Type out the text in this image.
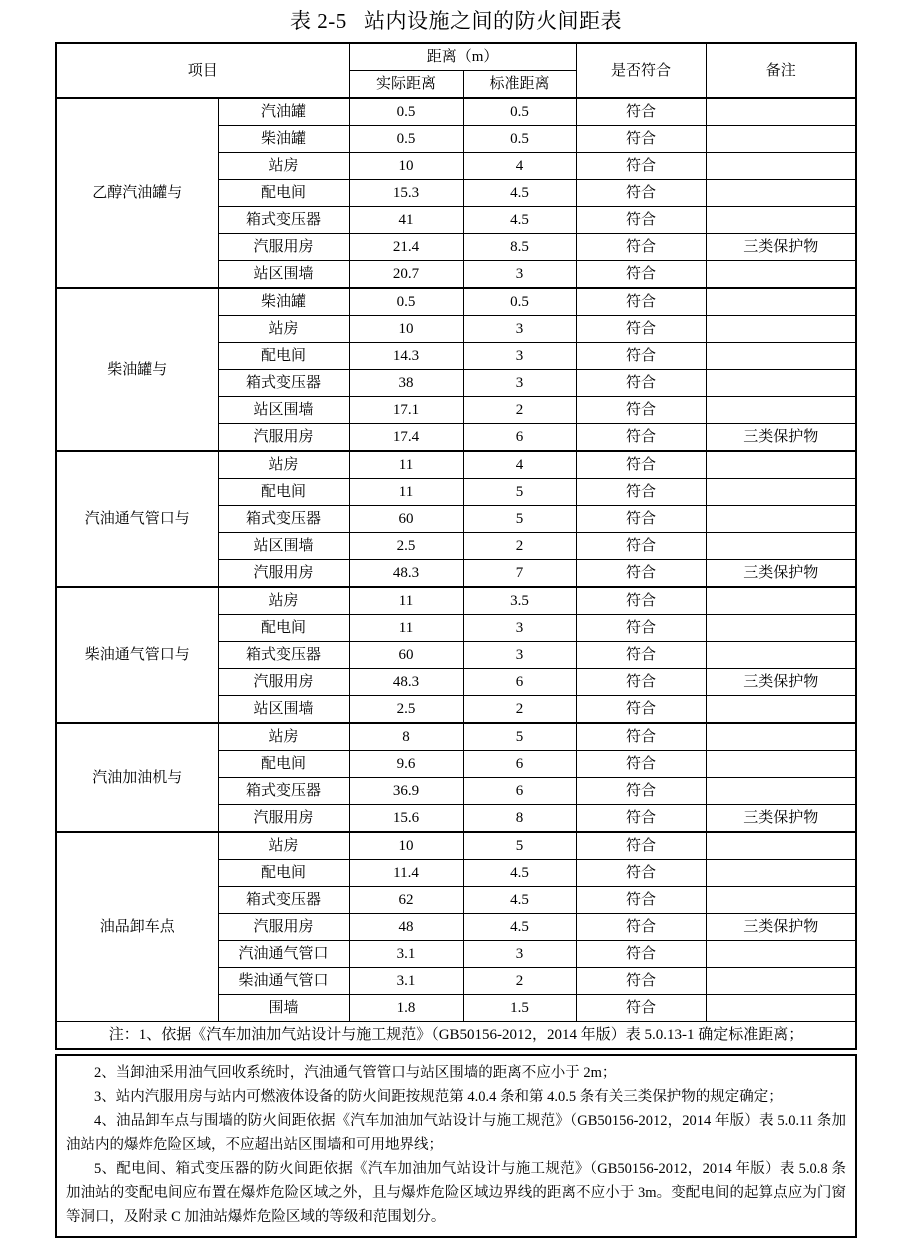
表 2-5   站内设施之间的防火间距表
项目		距离（m）		是否符合	备注
		实际距离	标准距离		
乙醇汽油罐与	汽油罐	0.5	0.5	符合	
	柴油罐	0.5	0.5	符合	
	站房	10	4	符合	
	配电间	15.3	4.5	符合	
	箱式变压器	41	4.5	符合	
	汽服用房	21.4	8.5	符合	三类保护物
	站区围墙	20.7	3	符合	
柴油罐与	柴油罐	0.5	0.5	符合	
	站房	10	3	符合	
	配电间	14.3	3	符合	
	箱式变压器	38	3	符合	
	站区围墙	17.1	2	符合	
	汽服用房	17.4	6	符合	三类保护物
汽油通气管口与	站房	11	4	符合	
	配电间	11	5	符合	
	箱式变压器	60	5	符合	
	站区围墙	2.5	2	符合	
	汽服用房	48.3	7	符合	三类保护物
柴油通气管口与	站房	11	3.5	符合	
	配电间	11	3	符合	
	箱式变压器	60	3	符合	
	汽服用房	48.3	6	符合	三类保护物
	站区围墙	2.5	2	符合	
汽油加油机与	站房	8	5	符合	
	配电间	9.6	6	符合	
	箱式变压器	36.9	6	符合	
	汽服用房	15.6	8	符合	三类保护物
油品卸车点	站房	10	5	符合	
	配电间	11.4	4.5	符合	
	箱式变压器	62	4.5	符合	
	汽服用房	48	4.5	符合	三类保护物
	汽油通气管口	3.1	3	符合	
	柴油通气管口	3.1	2	符合	
	围墙	1.8	1.5	符合	
注：1、依据《汽车加油加气站设计与施工规范》（GB50156-2012，2014 年版）表 5.0.13-1 确定标准距离；					
2、当卸油采用油气回收系统时，汽油通气管管口与站区围墙的距离不应小于 2m；
3、站内汽服用房与站内可燃液体设备的防火间距按规范第 4.0.4 条和第 4.0.5 条有关三类保护物的规定确定；
4、油品卸车点与围墙的防火间距依据《汽车加油加气站设计与施工规范》（GB50156-2012，2014 年版）表 5.0.11 条加油站内的爆炸危险区域，不应超出站区围墙和可用地界线；
5、配电间、箱式变压器的防火间距依据《汽车加油加气站设计与施工规范》（GB50156-2012，2014 年版）表 5.0.8 条加油站的变配电间应布置在爆炸危险区域之外，且与爆炸危险区域边界线的距离不应小于 3m。变配电间的起算点应为门窗等洞口，及附录 C 加油站爆炸危险区域的等级和范围划分。
